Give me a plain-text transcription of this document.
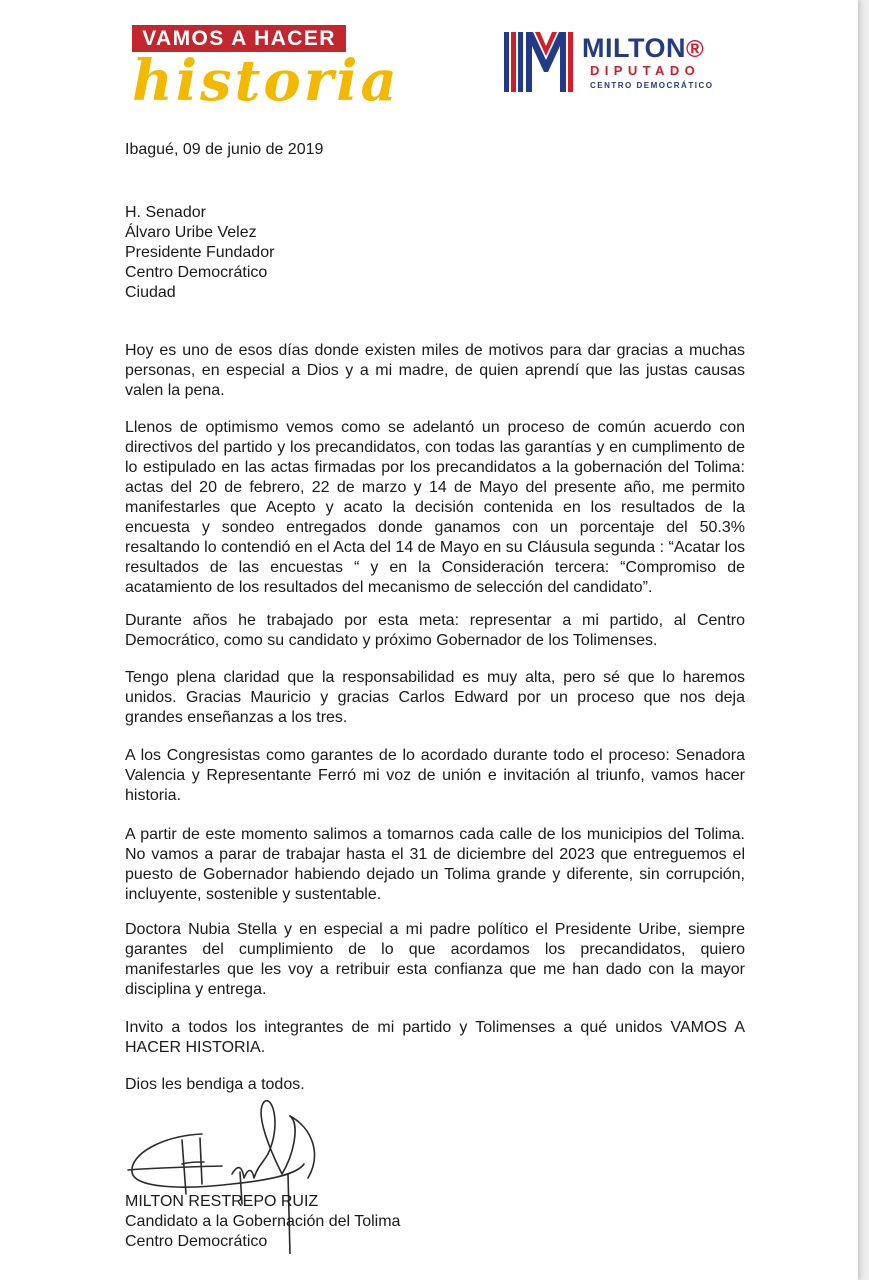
VAMOS A HACER
historia	MILTON®
DIPUTADO
CENTRO DEMOCRÁTICO
Ibagué, 09 de junio de 2019
H. Senador
Álvaro Uribe Velez
Presidente Fundador
Centro Democrático
Ciudad
Hoy es uno de esos días donde existen miles de motivos para dar gracias a muchas personas, en especial a Dios y a mi madre, de quien aprendí que las justas causas valen la pena.
Llenos de optimismo vemos como se adelantó un proceso de común acuerdo con directivos del partido y los precandidatos, con todas las garantías y en cumplimento de lo estipulado en las actas firmadas por los precandidatos a la gobernación del Tolima: actas del 20 de febrero, 22 de marzo y 14 de Mayo del presente año, me permito manifestarles que Acepto y acato la decisión contenida en los resultados de la encuesta y sondeo entregados donde ganamos con un porcentaje del 50.3% resaltando lo contendió en el Acta del 14 de Mayo en su Cláusula segunda : “Acatar los resultados de las encuestas “ y en la Consideración tercera: “Compromiso de acatamiento de los resultados del mecanismo de selección del candidato”.
Durante años he trabajado por esta meta: representar a mi partido, al Centro Democrático, como su candidato y próximo Gobernador de los Tolimenses.
Tengo plena claridad que la responsabilidad es muy alta, pero sé que lo haremos unidos. Gracias Mauricio y gracias Carlos Edward por un proceso que nos deja grandes enseñanzas a los tres.
A los Congresistas como garantes de lo acordado durante todo el proceso: Senadora Valencia y Representante Ferró mi voz de unión e invitación al triunfo, vamos hacer historia.
A partir de este momento salimos a tomarnos cada calle de los municipios del Tolima. No vamos a parar de trabajar hasta el 31 de diciembre del 2023 que entreguemos el puesto de Gobernador habiendo dejado un Tolima grande y diferente, sin corrupción, incluyente, sostenible y sustentable.
Doctora Nubia Stella y en especial a mi padre político el Presidente Uribe, siempre garantes del cumplimiento de lo que acordamos los precandidatos, quiero manifestarles que les voy a retribuir esta confianza que me han dado con la mayor disciplina y entrega.
Invito a todos los integrantes de mi partido y Tolimenses a qué unidos VAMOS A HACER HISTORIA.
Dios les bendiga a todos.
MILTON RESTREPO RUIZ
Candidato a la Gobernación del Tolima
Centro Democrático
